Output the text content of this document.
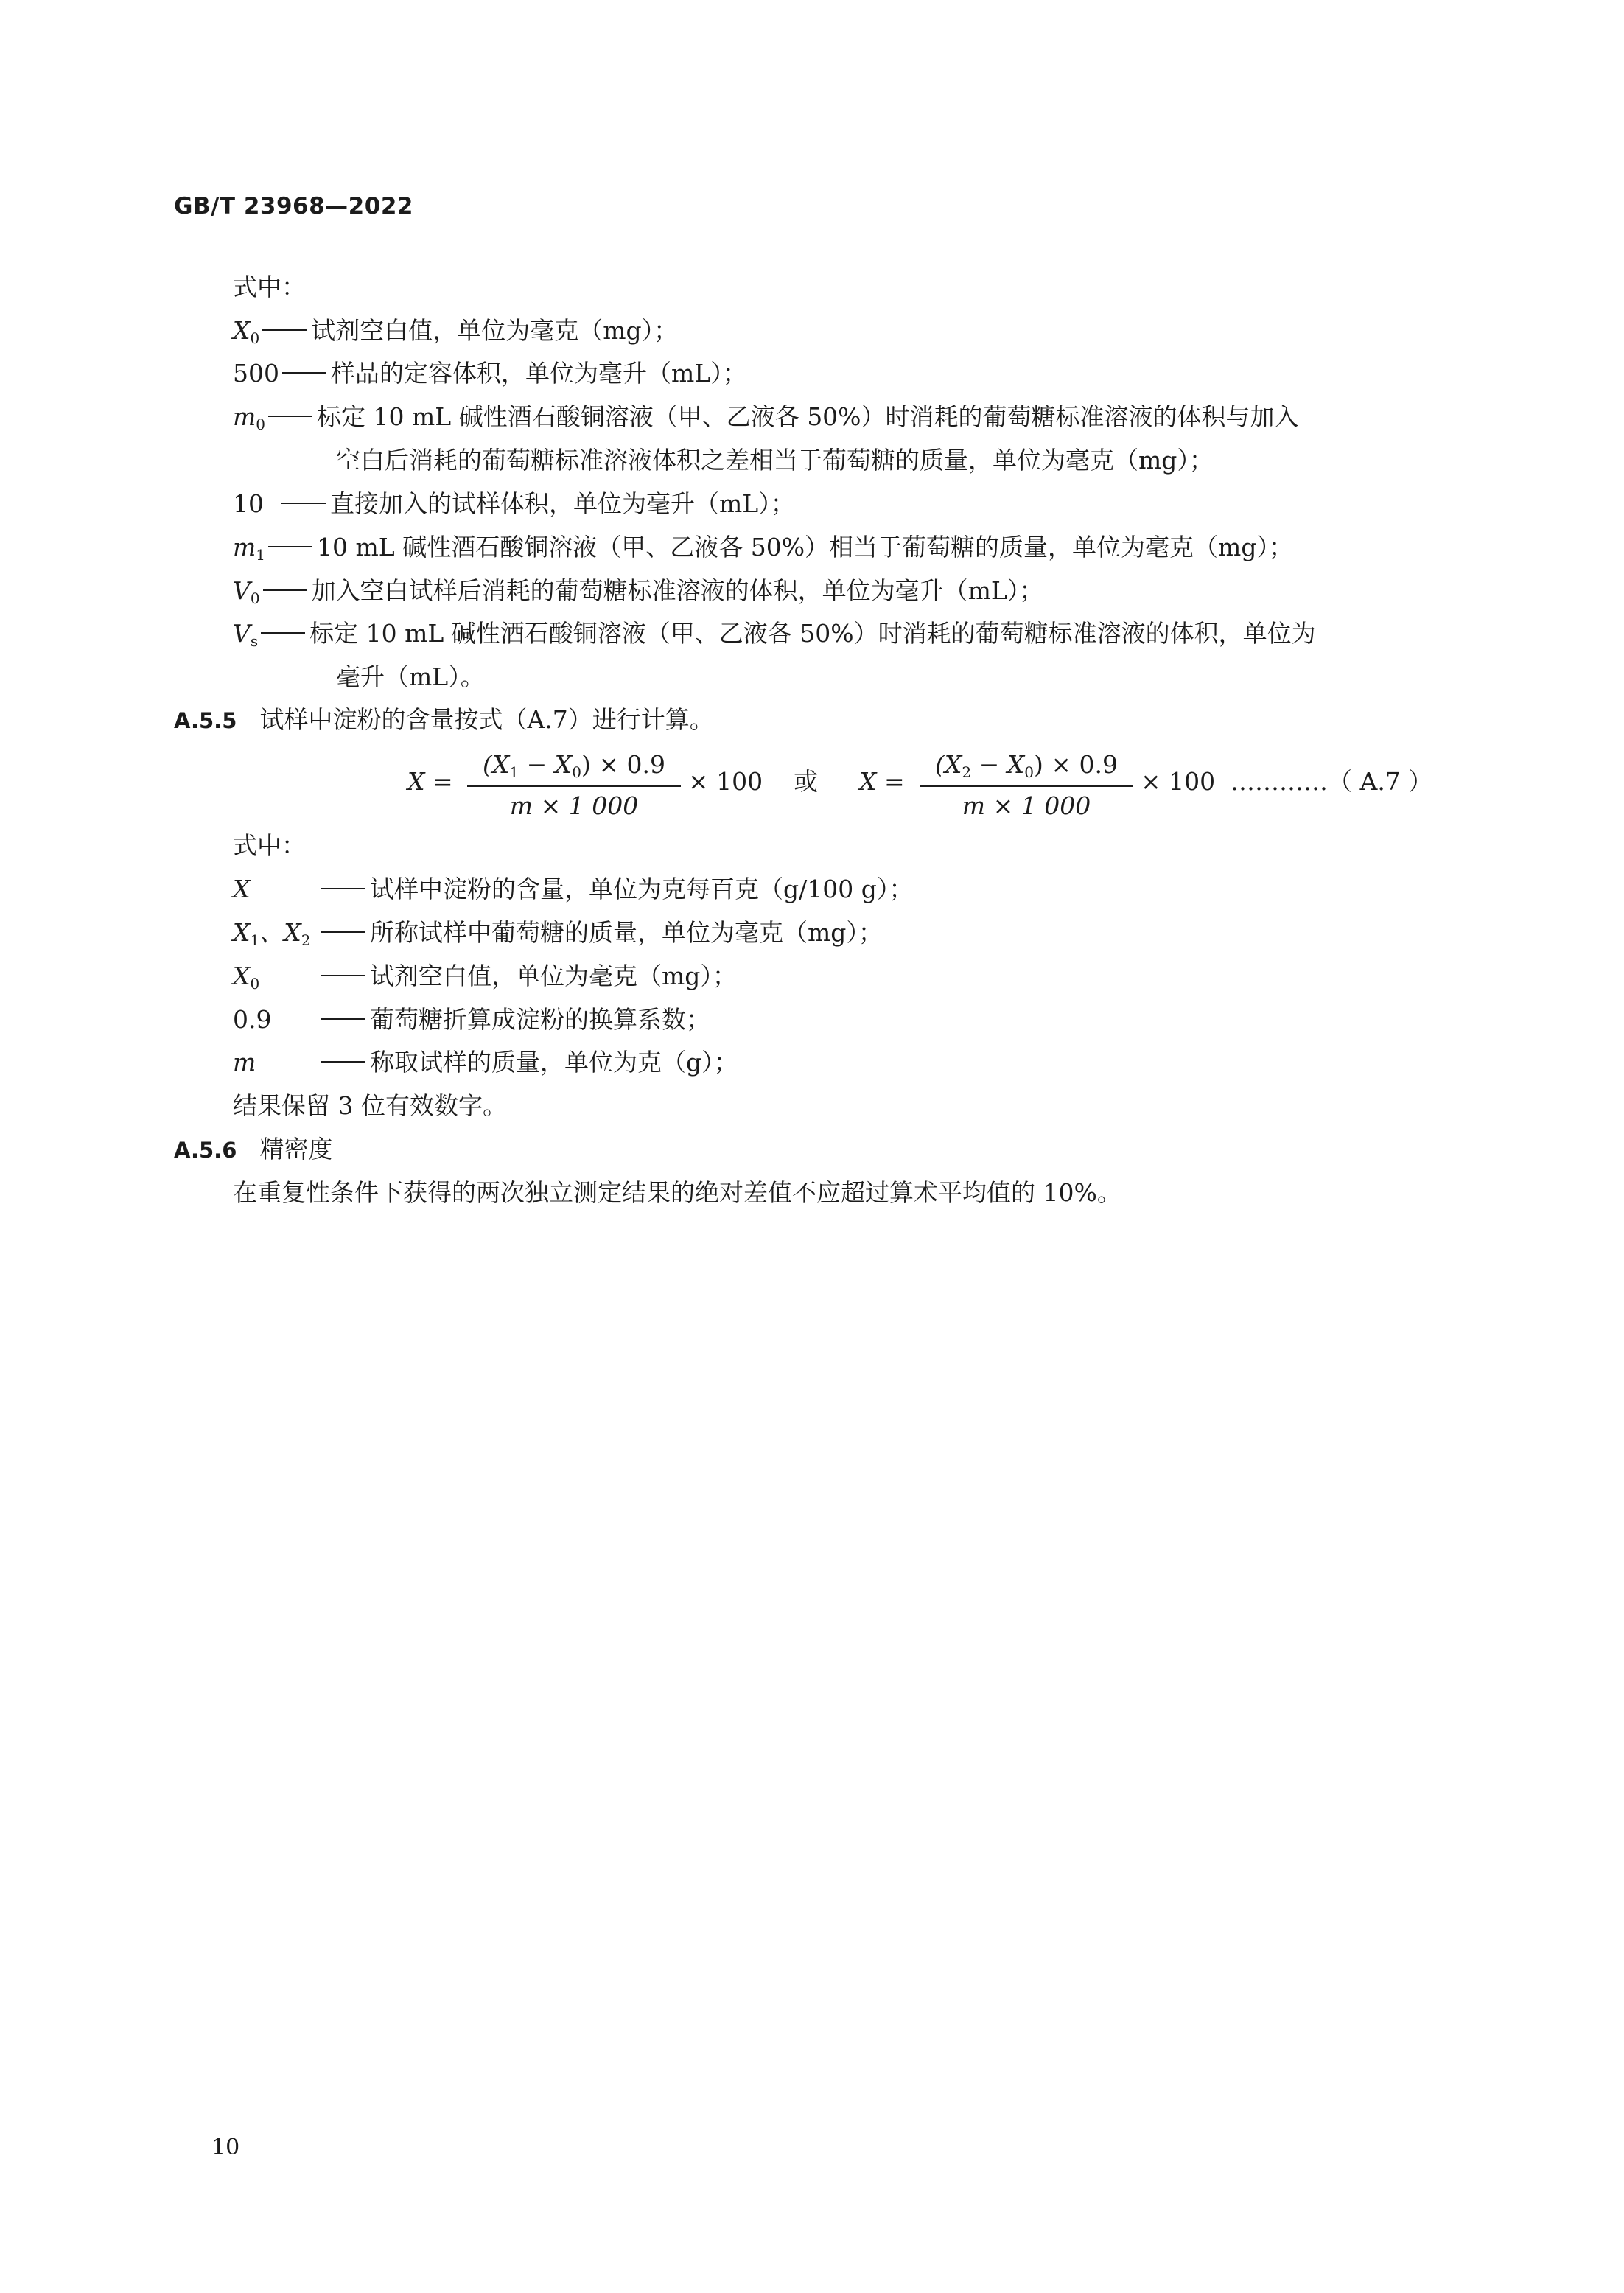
GB/T 23968—2022
式中：
$X_0$ 试剂空白值，单位为毫克（mg）；
500 样品的定容体积，单位为毫升（mL）；
$m_0$ 标定 10 mL 碱性酒石酸铜溶液（甲、乙液各 50%）时消耗的葡萄糖标准溶液的体积与加入
空白后消耗的葡萄糖标准溶液体积之差相当于葡萄糖的质量，单位为毫克（mg）；
10	直接加入的试样体积，单位为毫升（mL）；
$m_1$ 10 mL 碱性酒石酸铜溶液（甲、乙液各 50%）相当于葡萄糖的质量，单位为毫克（mg）；
$V_0$ 加入空白试样后消耗的葡萄糖标准溶液的体积，单位为毫升（mL）；
$V_s$ 标定 10 mL 碱性酒石酸铜溶液（甲、乙液各 50%）时消耗的葡萄糖标准溶液的体积，单位为
毫升（mL）。
A.5.5 试样中淀粉的含量按式（A.7）进行计算。
X =
$(X_1 - X_0) \times 0.9$
m × 1 000
× 100 或 X =
$(X_2 - X_0) \times 0.9$
m × 1 000
× 100 …………（ A.7 ）
式中：
X	试样中淀粉的含量，单位为克每百克（g/100 g）；
$X_1$、$X_2$ 所称试样中葡萄糖的质量，单位为毫克（mg）；
$X_0$	试剂空白值，单位为毫克（mg）；
0.9	葡萄糖折算成淀粉的换算系数；
m	称取试样的质量，单位为克（g）；
结果保留 3 位有效数字。
A.5.6 精密度
在重复性条件下获得的两次独立测定结果的绝对差值不应超过算术平均值的 10%。
10
